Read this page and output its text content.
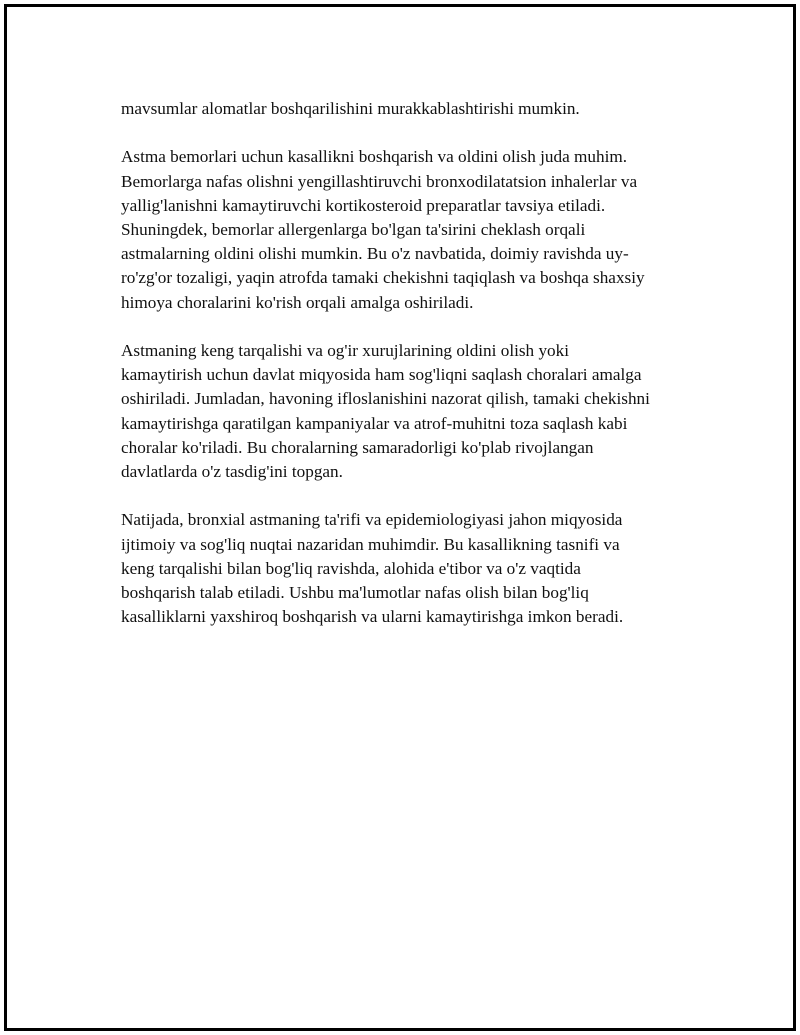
mavsumlar alomatlar boshqarilishini murakkablashtirishi mumkin.

Astma bemorlari uchun kasallikni boshqarish va oldini olish juda muhim.
Bemorlarga nafas olishni yengillashtiruvchi bronxodilatatsion inhalerlar va
yallig'lanishni kamaytiruvchi kortikosteroid preparatlar tavsiya etiladi.
Shuningdek, bemorlar allergenlarga bo'lgan ta'sirini cheklash orqali
astmalarning oldini olishi mumkin. Bu o'z navbatida, doimiy ravishda uy-
ro'zg'or tozaligi, yaqin atrofda tamaki chekishni taqiqlash va boshqa shaxsiy
himoya choralarini ko'rish orqali amalga oshiriladi.

Astmaning keng tarqalishi va og'ir xurujlarining oldini olish yoki
kamaytirish uchun davlat miqyosida ham sog'liqni saqlash choralari amalga
oshiriladi. Jumladan, havoning ifloslanishini nazorat qilish, tamaki chekishni
kamaytirishga qaratilgan kampaniyalar va atrof-muhitni toza saqlash kabi
choralar ko'riladi. Bu choralarning samaradorligi ko'plab rivojlangan
davlatlarda o'z tasdig'ini topgan.

Natijada, bronxial astmaning ta'rifi va epidemiologiyasi jahon miqyosida
ijtimoiy va sog'liq nuqtai nazaridan muhimdir. Bu kasallikning tasnifi va
keng tarqalishi bilan bog'liq ravishda, alohida e'tibor va o'z vaqtida
boshqarish talab etiladi. Ushbu ma'lumotlar nafas olish bilan bog'liq
kasalliklarni yaxshiroq boshqarish va ularni kamaytirishga imkon beradi.
